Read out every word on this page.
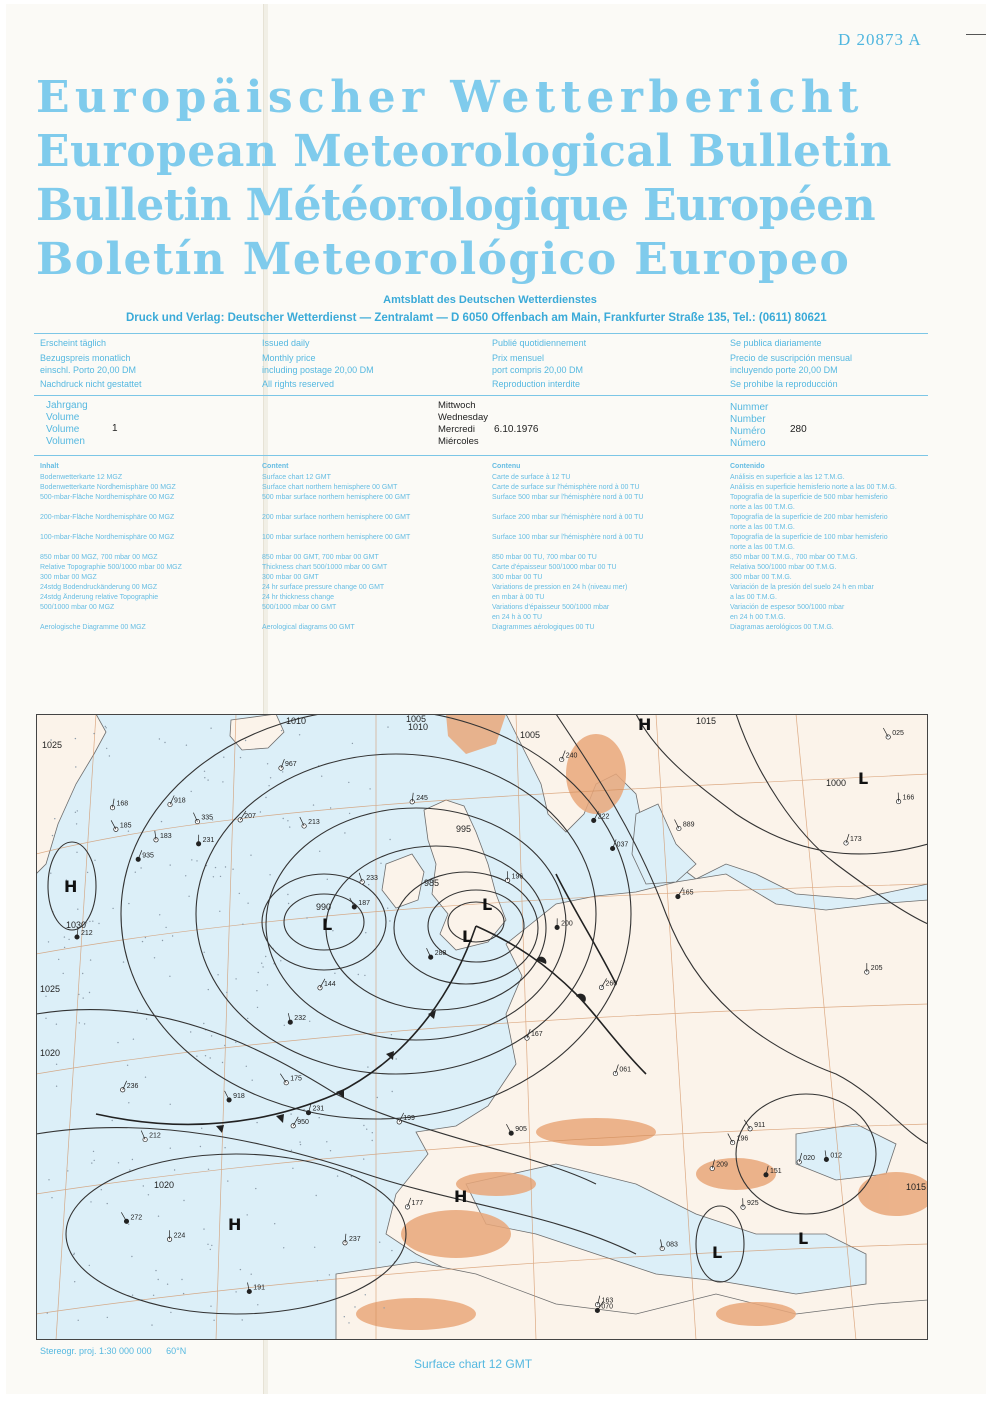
D 20873 A
Europäischer Wetterbericht
European Meteorological Bulletin
Bulletin Météorologique Européen
Boletín Meteorológico Europeo
Amtsblatt des Deutschen Wetterdienstes
Druck und Verlag: Deutscher Wetterdienst — Zentralamt — D 6050 Offenbach am Main, Frankfurter Straße 135, Tel.: (0611) 80621
Erscheint täglich
Bezugspreis monatlich
einschl. Porto 20,00 DM
Nachdruck nicht gestattet
Issued daily
Monthly price
including postage 20,00 DM
All rights reserved
Publié quotidiennement
Prix mensuel
port compris 20,00 DM
Reproduction interdite
Se publica diariamente
Precio de suscripción mensual
incluyendo porte 20,00 DM
Se prohibe la reproducción
Jahrgang
Volume
Volume
Volumen
1
Mittwoch
Wednesday
Mercredi
Miércoles
6.10.1976
Nummer
Number
Numéro
Número
280
Inhalt
Bodenwetterkarte 12 MGZ
Bodenwetterkarte Nordhemisphäre 00 MGZ
500-mbar-Fläche Nordhemisphäre 00 MGZ
200-mbar-Fläche Nordhemisphäre 00 MGZ
100-mbar-Fläche Nordhemisphäre 00 MGZ
850 mbar 00 MGZ, 700 mbar 00 MGZ
Relative Topographie 500/1000 mbar 00 MGZ
300 mbar 00 MGZ
24stdg Bodendruckänderung 00 MGZ
24stdg Änderung relative Topographie
500/1000 mbar 00 MGZ
Aerologische Diagramme 00 MGZ
Content
Surface chart 12 GMT
Surface chart northern hemisphere 00 GMT
500 mbar surface northern hemisphere 00 GMT
200 mbar surface northern hemisphere 00 GMT
100 mbar surface northern hemisphere 00 GMT
850 mbar 00 GMT, 700 mbar 00 GMT
Thickness chart 500/1000 mbar 00 GMT
300 mbar 00 GMT
24 hr surface pressure change 00 GMT
24 hr thickness change
500/1000 mbar 00 GMT
Aerological diagrams 00 GMT
Contenu
Carte de surface à 12 TU
Carte de surface sur l'hémisphère nord à 00 TU
Surface 500 mbar sur l'hémisphère nord à 00 TU
Surface 200 mbar sur l'hémisphère nord à 00 TU
Surface 100 mbar sur l'hémisphère nord à 00 TU
850 mbar 00 TU, 700 mbar 00 TU
Carte d'épaisseur 500/1000 mbar 00 TU
300 mbar 00 TU
Variations de pression en 24 h (niveau mer)
en mbar à 00 TU
Variations d'épaisseur 500/1000 mbar
en 24 h à 00 TU
Diagrammes aérologiques 00 TU
Contenido
Análisis en superficie a las 12 T.M.G.
Análisis en superficie hemisferio norte a las 00 T.M.G.
Topografía de la superficie de 500 mbar hemisferio
norte a las 00 T.M.G.
Topografía de la superficie de 200 mbar hemisferio
norte a las 00 T.M.G.
Topografía de la superficie de 100 mbar hemisferio
norte a las 00 T.M.G.
850 mbar 00 T.M.G., 700 mbar 00 T.M.G.
Relativa 500/1000 mbar 00 T.M.G.
300 mbar 00 T.M.G.
Variación de la presión del suelo 24 h en mbar
a las 00 T.M.G.
Variación de espesor 500/1000 mbar
en 24 h 00 T.M.G.
Diagramas aerológicos 00 T.M.G.
151
240
166
288
233
335
232
212
185
200
236
205
222
196
168
037
083
061
012
020
025
070
967
950
935
918
925
905
889
911
918
144
167
187
183
175
191
199
207
272
245
260
231
177
196
165
163
173
212
237
213
231
209
224
1010
1005	1015
1025
1020
990
985
995
1000
1015
1010
1005
1020
1025
1030
H
L
L
L
H
H
L
H
L
L
Stereogr. proj. 1:30 000 000 60°N
Surface chart 12 GMT
